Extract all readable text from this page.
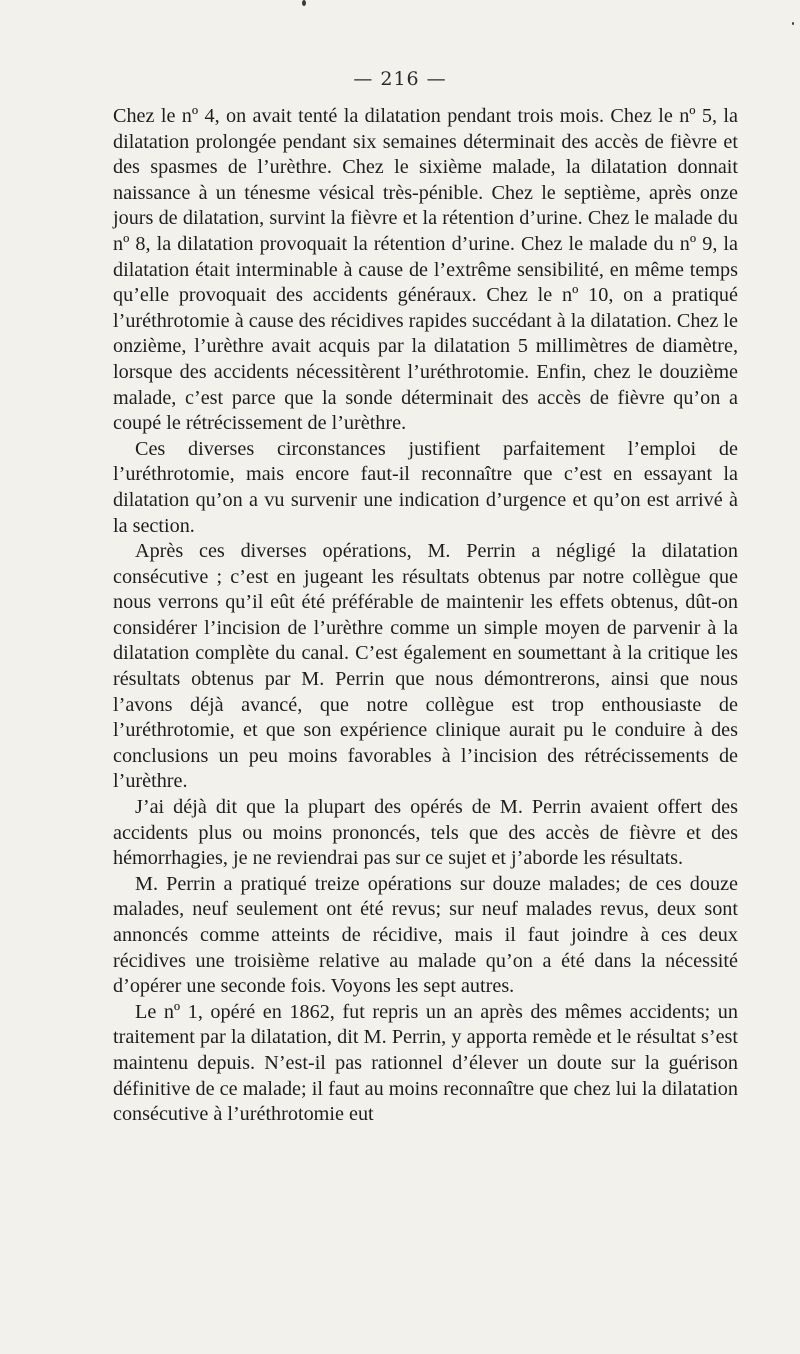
— 216 —

Chez le nº 4, on avait tenté la dilatation pendant trois mois. Chez le nº 5, la dilatation prolongée pendant six semaines déterminait des accès de fièvre et des spasmes de l’urèthre. Chez le sixième malade, la dilatation donnait naissance à un ténesme vésical très-pénible. Chez le septième, après onze jours de dilatation, survint la fièvre et la rétention d’urine. Chez le malade du nº 8, la dilatation provoquait la rétention d’urine. Chez le malade du nº 9, la dilatation était interminable à cause de l’extrême sensibilité, en même temps qu’elle provoquait des accidents généraux. Chez le nº 10, on a pratiqué l’uréthrotomie à cause des récidives rapides succédant à la dilatation. Chez le onzième, l’urèthre avait acquis par la dilatation 5 millimètres de diamètre, lorsque des accidents nécessitèrent l’uréthrotomie. Enfin, chez le douzième malade, c’est parce que la sonde déterminait des accès de fièvre qu’on a coupé le rétrécissement de l’urèthre.

Ces diverses circonstances justifient parfaitement l’emploi de l’uréthrotomie, mais encore faut-il reconnaître que c’est en essayant la dilatation qu’on a vu survenir une indication d’urgence et qu’on est arrivé à la section.

Après ces diverses opérations, M. Perrin a négligé la dilatation consécutive ; c’est en jugeant les résultats obtenus par notre collègue que nous verrons qu’il eût été préférable de maintenir les effets obtenus, dût-on considérer l’incision de l’urèthre comme un simple moyen de parvenir à la dilatation complète du canal. C’est également en soumettant à la critique les résultats obtenus par M. Perrin que nous démontrerons, ainsi que nous l’avons déjà avancé, que notre collègue est trop enthousiaste de l’uréthrotomie, et que son expérience clinique aurait pu le conduire à des conclusions un peu moins favorables à l’incision des rétrécissements de l’urèthre.

J’ai déjà dit que la plupart des opérés de M. Perrin avaient offert des accidents plus ou moins prononcés, tels que des accès de fièvre et des hémorrhagies, je ne reviendrai pas sur ce sujet et j’aborde les résultats.

M. Perrin a pratiqué treize opérations sur douze malades; de ces douze malades, neuf seulement ont été revus; sur neuf malades revus, deux sont annoncés comme atteints de récidive, mais il faut joindre à ces deux récidives une troisième relative au malade qu’on a été dans la nécessité d’opérer une seconde fois. Voyons les sept autres.

Le nº 1, opéré en 1862, fut repris un an après des mêmes accidents; un traitement par la dilatation, dit M. Perrin, y apporta remède et le résultat s’est maintenu depuis. N’est-il pas rationnel d’élever un doute sur la guérison définitive de ce malade; il faut au moins reconnaître que chez lui la dilatation consécutive à l’uréthrotomie eut
